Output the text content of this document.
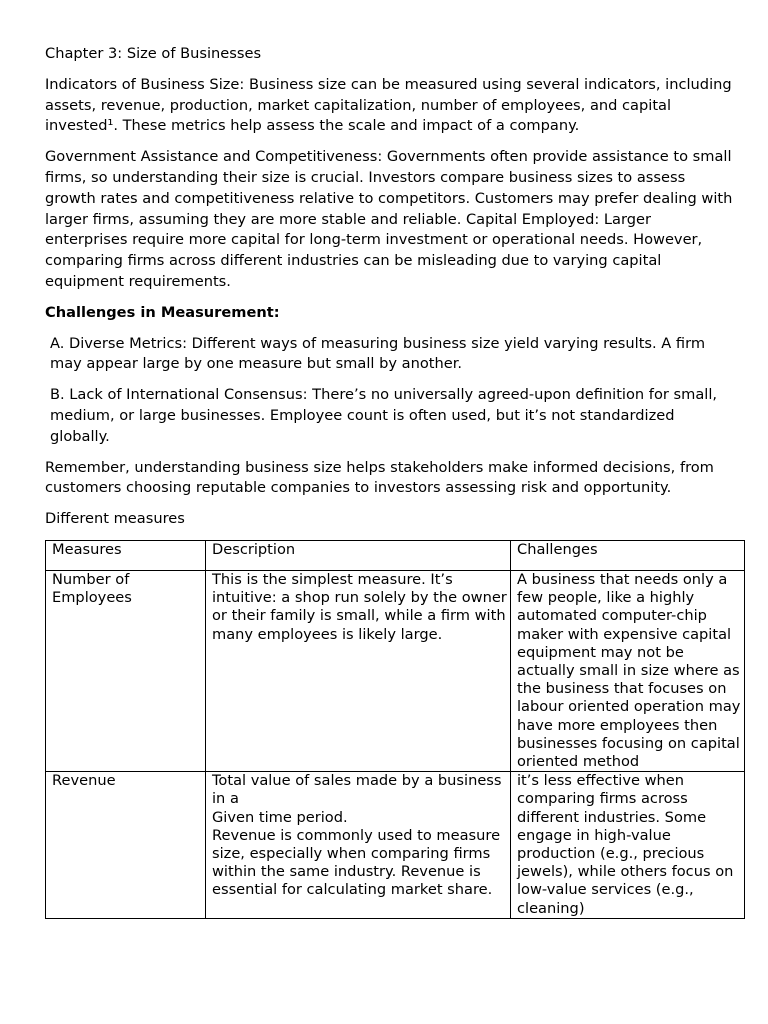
Chapter 3: Size of Businesses

Indicators of Business Size: Business size can be measured using several indicators, including assets, revenue, production, market capitalization, number of employees, and capital invested¹. These metrics help assess the scale and impact of a company.

Government Assistance and Competitiveness: Governments often provide assistance to small firms, so understanding their size is crucial. Investors compare business sizes to assess growth rates and competitiveness relative to competitors. Customers may prefer dealing with larger firms, assuming they are more stable and reliable. Capital Employed: Larger enterprises require more capital for long-term investment or operational needs. However, comparing firms across different industries can be misleading due to varying capital equipment requirements.

Challenges in Measurement:

A. Diverse Metrics: Different ways of measuring business size yield varying results. A firm may appear large by one measure but small by another.

B. Lack of International Consensus: There’s no universally agreed-upon definition for small, medium, or large businesses. Employee count is often used, but it’s not standardized globally.

Remember, understanding business size helps stakeholders make informed decisions, from customers choosing reputable companies to investors assessing risk and opportunity.

Different measures

Measures	Description	Challenges

Number of Employees	This is the simplest measure. It’s intuitive: a shop run solely by the owner or their family is small, while a firm with many employees is likely large.	A business that needs only a few people, like a highly automated computer-chip maker with expensive capital equipment may not be actually small in size where as the business that focuses on labour oriented operation may have more employees then businesses focusing on capital oriented method
Revenue	Total value of sales made by a business in a
Given time period.
Revenue is commonly used to measure size, especially when comparing firms within the same industry. Revenue is essential for calculating market share.	it’s less effective when comparing firms across different industries. Some engage in high-value production (e.g., precious jewels), while others focus on low-value services (e.g., cleaning)
